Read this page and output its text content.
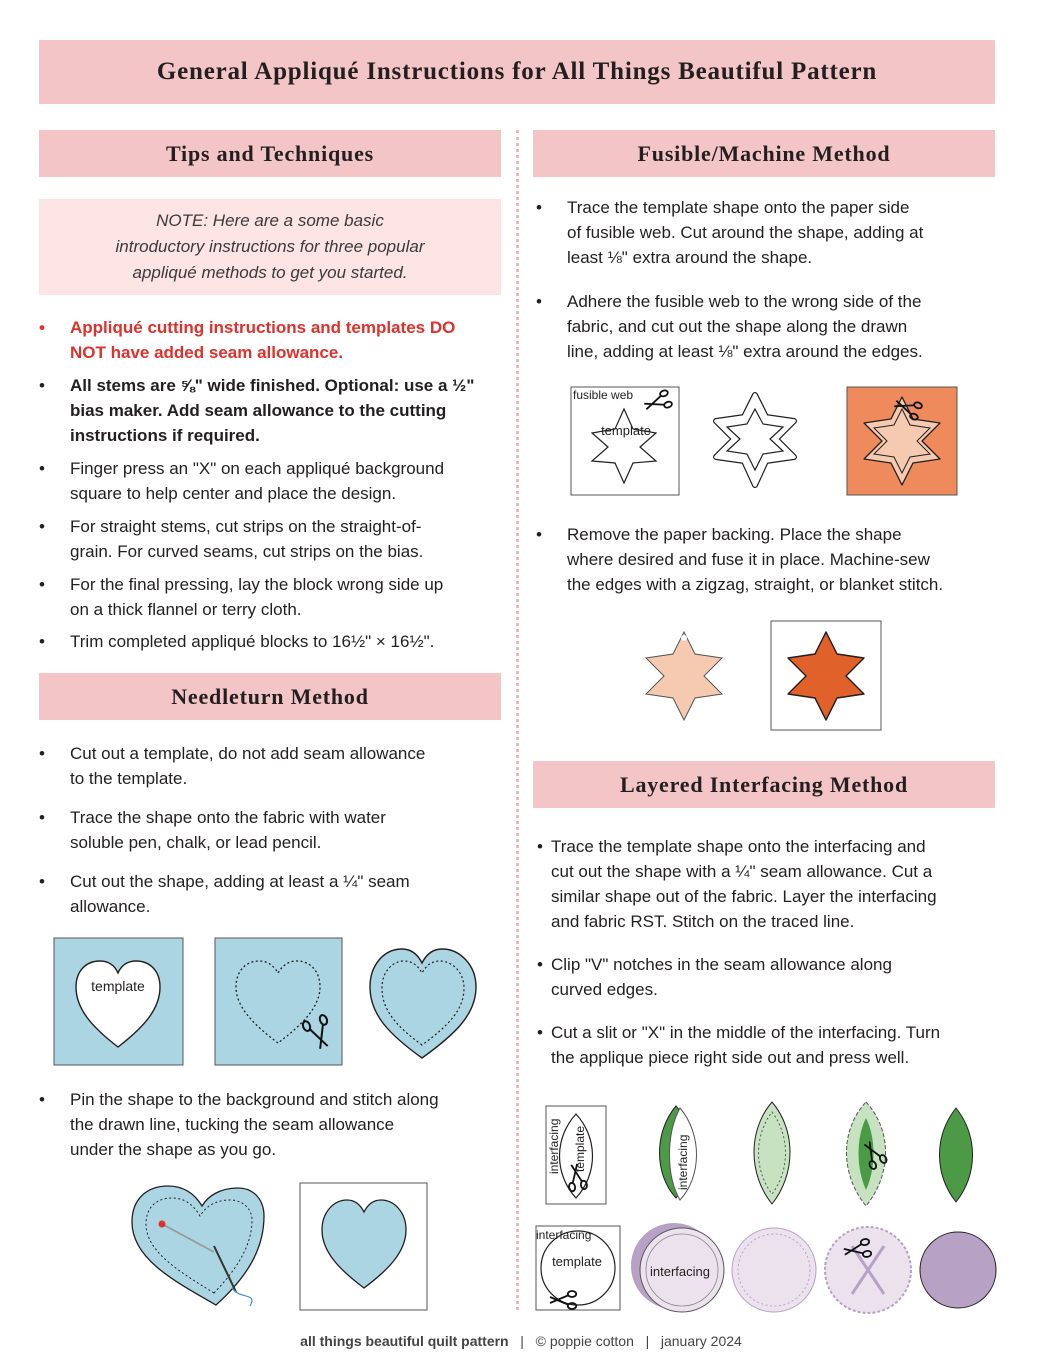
General Appliqué Instructions for All Things Beautiful Pattern
Tips and Techniques
NOTE: Here are a some basic
introductory instructions for three popular
appliqué methods to get you started.
• Appliqué cutting instructions and templates DO
NOT have added seam allowance.
• All stems are ⅝" wide finished. Optional: use a ½"
bias maker. Add seam allowance to the cutting
instructions if required.
• Finger press an "X" on each appliqué background
square to help center and place the design.
• For straight stems, cut strips on the straight-of-
grain. For curved seams, cut strips on the bias.
• For the final pressing, lay the block wrong side up
on a thick flannel or terry cloth.
• Trim completed appliqué blocks to 16½" × 16½".
Needleturn Method
• Cut out a template, do not add seam allowance
to the template.
• Trace the shape onto the fabric with water
soluble pen, chalk, or lead pencil.
• Cut out the shape, adding at least a ¼" seam
allowance.
• Pin the shape to the background and stitch along
the drawn line, tucking the seam allowance
under the shape as you go.
template
Fusible/Machine Method
• Trace the template shape onto the paper side
of fusible web. Cut around the shape, adding at
least ⅛" extra around the shape.
• Adhere the fusible web to the wrong side of the
fabric, and cut out the shape along the drawn
line, adding at least ⅛" extra around the edges.
• Remove the paper backing. Place the shape
where desired and fuse it in place. Machine-sew
the edges with a zigzag, straight, or blanket stitch.
fusible web
template
Layered Interfacing Method
• Trace the template shape onto the interfacing and
cut out the shape with a ¼" seam allowance. Cut a
similar shape out of the fabric. Layer the interfacing
and fabric RST. Stitch on the traced line.
• Clip "V" notches in the seam allowance along
curved edges.
• Cut a slit or "X" in the middle of the interfacing. Turn
the applique piece right side out and press well.
interfacing template	interfacing
interfacing
template
interfacing
all things beautiful quilt pattern | © poppie cotton | january 2024
